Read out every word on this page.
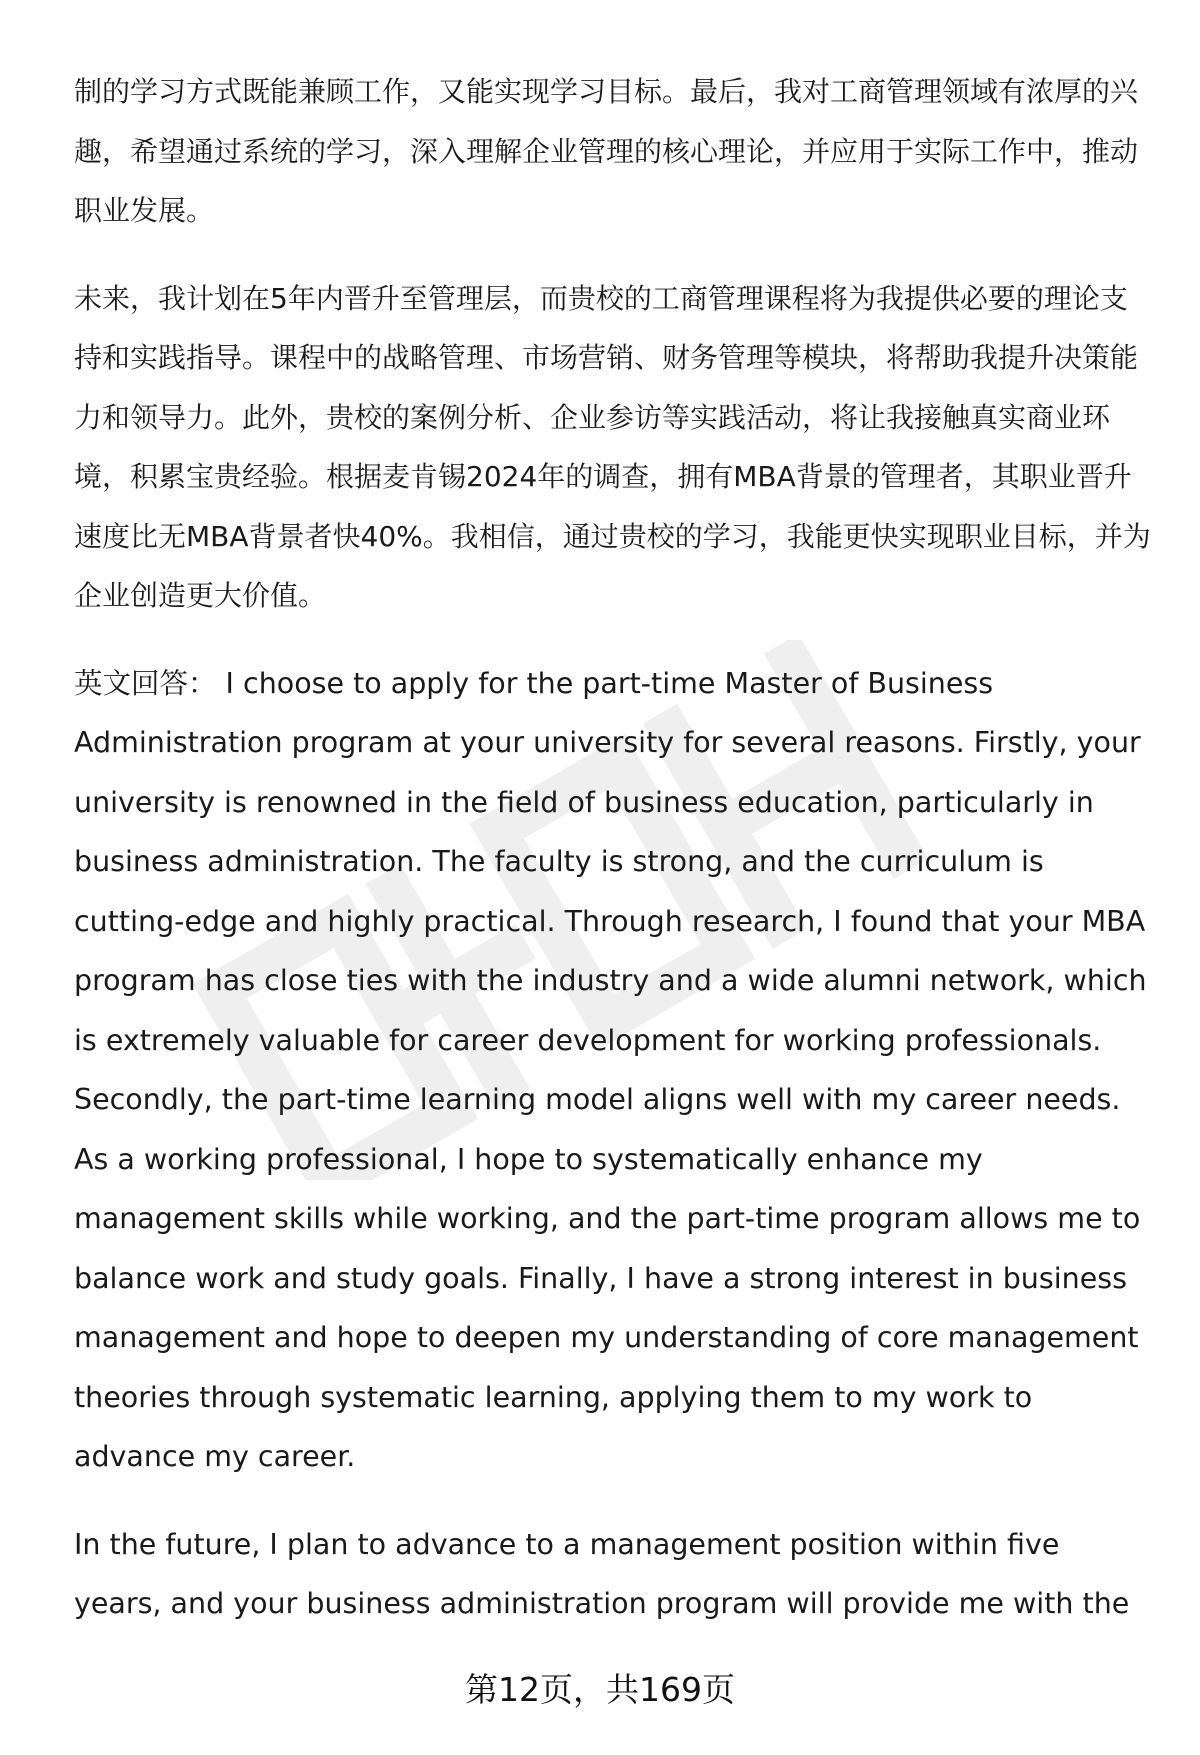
制的学习方式既能兼顾工作，又能实现学习目标。最后，我对工商管理领域有浓厚的兴趣，希望通过系统的学习，深入理解企业管理的核心理论，并应用于实际工作中，推动职业发展。

未来，我计划在5年内晋升至管理层，而贵校的工商管理课程将为我提供必要的理论支持和实践指导。课程中的战略管理、市场营销、财务管理等模块，将帮助我提升决策能力和领导力。此外，贵校的案例分析、企业参访等实践活动，将让我接触真实商业环境，积累宝贵经验。根据麦肯锡2024年的调查，拥有MBA背景的管理者，其职业晋升速度比无MBA背景者快40%。我相信，通过贵校的学习，我能更快实现职业目标，并为企业创造更大价值。

英文回答： I choose to apply for the part-time Master of Business Administration program at your university for several reasons. Firstly, your university is renowned in the field of business education, particularly in business administration. The faculty is strong, and the curriculum is cutting-edge and highly practical. Through research, I found that your MBA program has close ties with the industry and a wide alumni network, which is extremely valuable for career development for working professionals. Secondly, the part-time learning model aligns well with my career needs. As a working professional, I hope to systematically enhance my management skills while working, and the part-time program allows me to balance work and study goals. Finally, I have a strong interest in business management and hope to deepen my understanding of core management theories through systematic learning, applying them to my work to advance my career.

In the future, I plan to advance to a management position within five years, and your business administration program will provide me with the

第12页，共169页
